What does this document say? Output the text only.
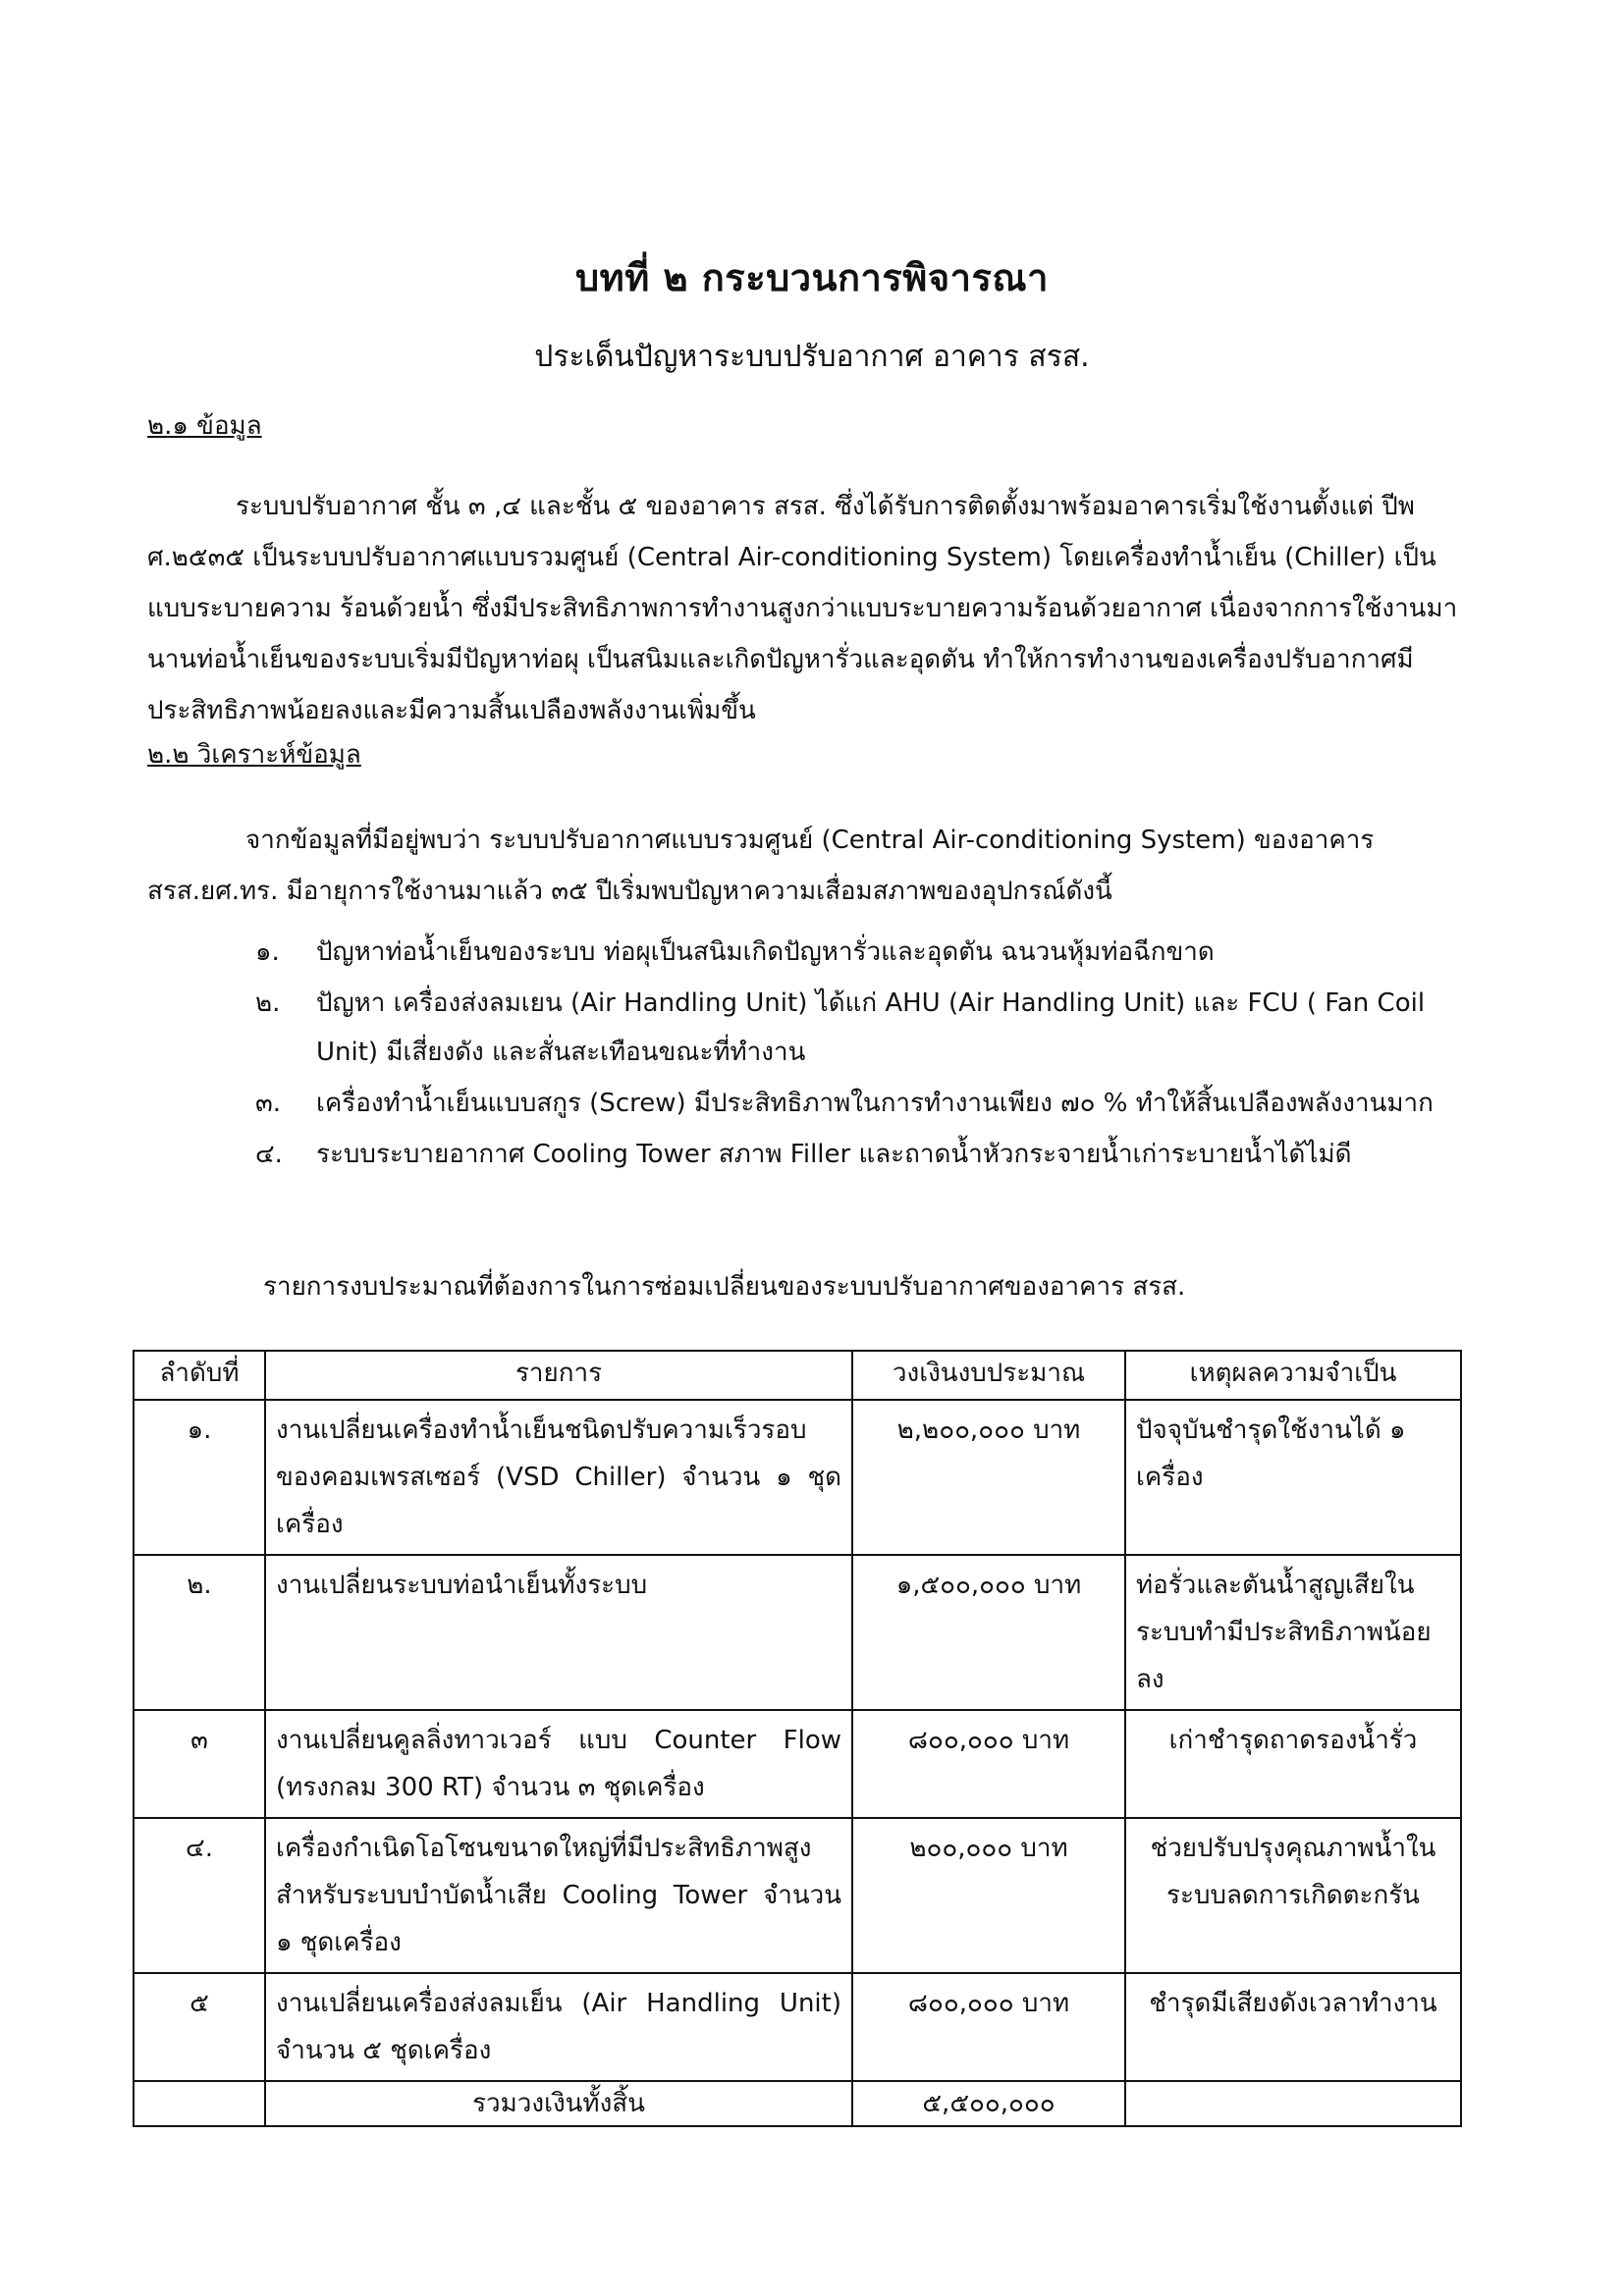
บทที่ ๒ กระบวนการพิจารณา
ประเด็นปัญหาระบบปรับอากาศ อาคาร สรส.
๒.๑ ข้อมูล
ระบบปรับอากาศ ชั้น ๓ ,๔ และชั้น ๕ ของอาคาร สรส. ซึ่งได้รับการติดตั้งมาพร้อมอาคารเริ่มใช้งานตั้งแต่ ปีพ ศ.๒๕๓๕ เป็นระบบปรับอากาศแบบรวมศูนย์ (Central Air-conditioning System) โดยเครื่องทำน้ำเย็น (Chiller) เป็นแบบระบายความ ร้อนด้วยน้ำ ซึ่งมีประสิทธิภาพการทำงานสูงกว่าแบบระบายความร้อนด้วยอากาศ เนื่องจากการใช้งานมานานท่อน้ำเย็นของระบบเริ่มมีปัญหาท่อผุ เป็นสนิมและเกิดปัญหารั่วและอุดตัน ทำให้การทำงานของเครื่องปรับอากาศมีประสิทธิภาพน้อยลงและมีความสิ้นเปลืองพลังงานเพิ่มขึ้น
๒.๒ วิเคราะห์ข้อมูล
จากข้อมูลที่มีอยู่พบว่า ระบบปรับอากาศแบบรวมศูนย์ (Central Air-conditioning System) ของอาคาร สรส.ยศ.ทร. มีอายุการใช้งานมาแล้ว ๓๕ ปีเริ่มพบปัญหาความเสื่อมสภาพของอุปกรณ์ดังนี้
๑. ปัญหาท่อน้ำเย็นของระบบ ท่อผุเป็นสนิมเกิดปัญหารั่วและอุดตัน ฉนวนหุ้มท่อฉีกขาด
๒. ปัญหา เครื่องส่งลมเยน (Air Handling Unit) ได้แก่ AHU (Air Handling Unit) และ FCU ( Fan Coil Unit) มีเสี่ยงดัง และสั่นสะเทือนขณะที่ทำงาน
๓. เครื่องทำน้ำเย็นแบบสกูร (Screw) มีประสิทธิภาพในการทำงานเพียง ๗๐ % ทำให้สิ้นเปลืองพลังงานมาก
๔. ระบบระบายอากาศ Cooling Tower สภาพ Filler และถาดน้ำหัวกระจายน้ำเก่าระบายน้ำได้ไม่ดี
รายการงบประมาณที่ต้องการในการซ่อมเปลี่ยนของระบบปรับอากาศของอาคาร สรส.
ลำดับที่	รายการ	วงเงินงบประมาณ	เหตุผลความจำเป็น
๑.	งานเปลี่ยนเครื่องทำน้ำเย็นชนิดปรับความเร็วรอบของคอมเพรสเซอร์ (VSD Chiller) จำนวน ๑ ชุดเครื่อง	๒,๒๐๐,๐๐๐ บาท	ปัจจุบันชำรุดใช้งานได้ ๑ เครื่อง
๒.	งานเปลี่ยนระบบท่อนำเย็นทั้งระบบ	๑,๕๐๐,๐๐๐ บาท	ท่อรั่วและตันน้ำสูญเสียในระบบทำมีประสิทธิภาพน้อยลง
๓	งานเปลี่ยนคูลลิ่งทาวเวอร์ แบบ Counter Flow (ทรงกลม 300 RT) จำนวน ๓ ชุดเครื่อง	๘๐๐,๐๐๐ บาท	เก่าชำรุดถาดรองน้ำรั่ว
๔.	เครื่องกำเนิดโอโซนขนาดใหญ่ที่มีประสิทธิภาพสูงสำหรับระบบบำบัดน้ำเสีย Cooling Tower จำนวน ๑ ชุดเครื่อง	๒๐๐,๐๐๐ บาท	ช่วยปรับปรุงคุณภาพน้ำในระบบลดการเกิดตะกรัน
๕	งานเปลี่ยนเครื่องส่งลมเย็น (Air Handling Unit) จำนวน ๕ ชุดเครื่อง	๘๐๐,๐๐๐ บาท	ชำรุดมีเสียงดังเวลาทำงาน
	รวมวงเงินทั้งสิ้น	๕,๕๐๐,๐๐๐	
